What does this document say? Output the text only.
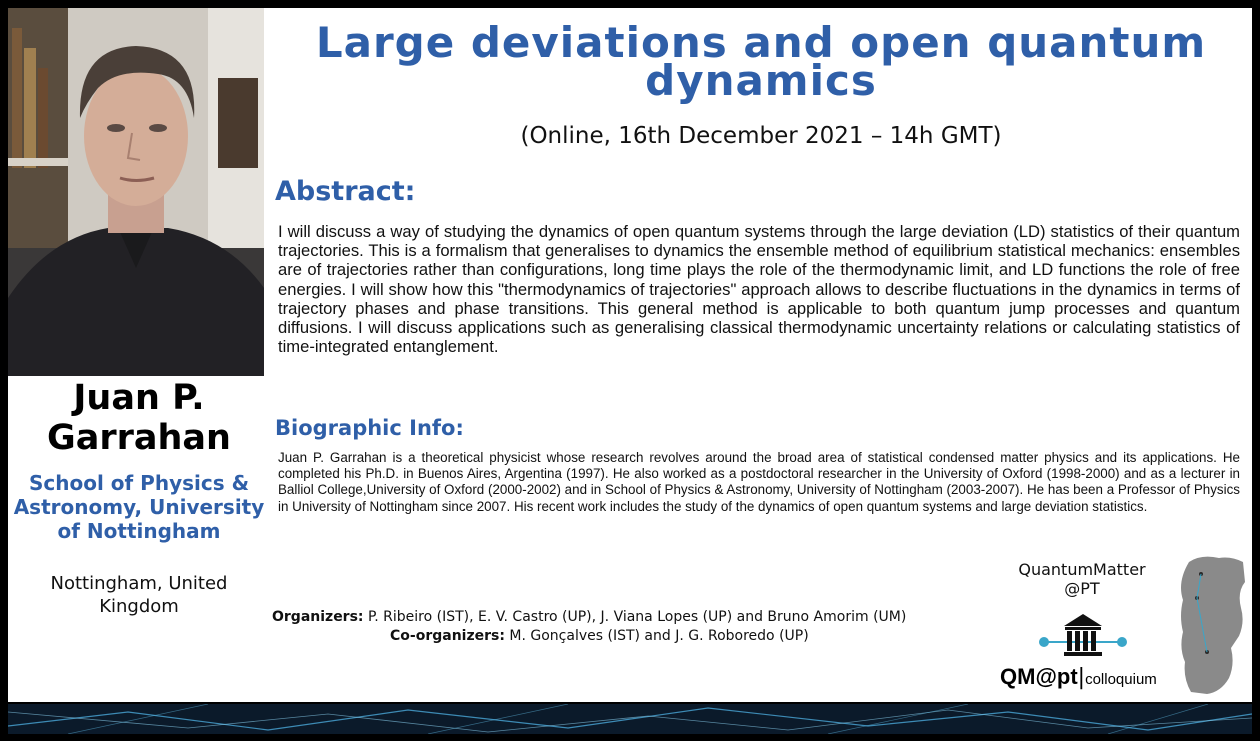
Juan P. Garrahan
School of Physics & Astronomy, University of Nottingham
Nottingham, United Kingdom
Large deviations and open quantum dynamics
(Online, 16th December 2021 – 14h GMT)
Abstract:
I will discuss a way of studying the dynamics of open quantum systems through the large deviation (LD) statistics of their quantum trajectories. This is a formalism that generalises to dynamics the ensemble method of equilibrium statistical mechanics: ensembles are of trajectories rather than configurations, long time plays the role of the thermodynamic limit, and LD functions the role of free energies. I will show how this "thermodynamics of trajectories" approach allows to describe fluctuations in the dynamics in terms of trajectory phases and phase transitions. This general method is applicable to both quantum jump processes and quantum diffusions. I will discuss applications such as generalising classical thermodynamic uncertainty relations or calculating statistics of time-integrated entanglement.
Biographic Info:
Juan P. Garrahan is a theoretical physicist whose research revolves around the broad area of statistical condensed matter physics and its applications. He completed his Ph.D. in Buenos Aires, Argentina (1997). He also worked as a postdoctoral researcher in the University of Oxford (1998-2000) and as a lecturer in Balliol College,University of Oxford (2000-2002) and in School of Physics & Astronomy, University of Nottingham (2003-2007). He has been a Professor of Physics in University of Nottingham since 2007. His recent work includes the study of the dynamics of open quantum systems and large deviation statistics.
Organizers: P. Ribeiro (IST), E. V. Castro (UP), J. Viana Lopes (UP) and Bruno Amorim (UM)
Co-organizers: M. Gonçalves (IST) and J. G. Roboredo (UP)
QuantumMatter
@PT
QM@pt|colloquium
